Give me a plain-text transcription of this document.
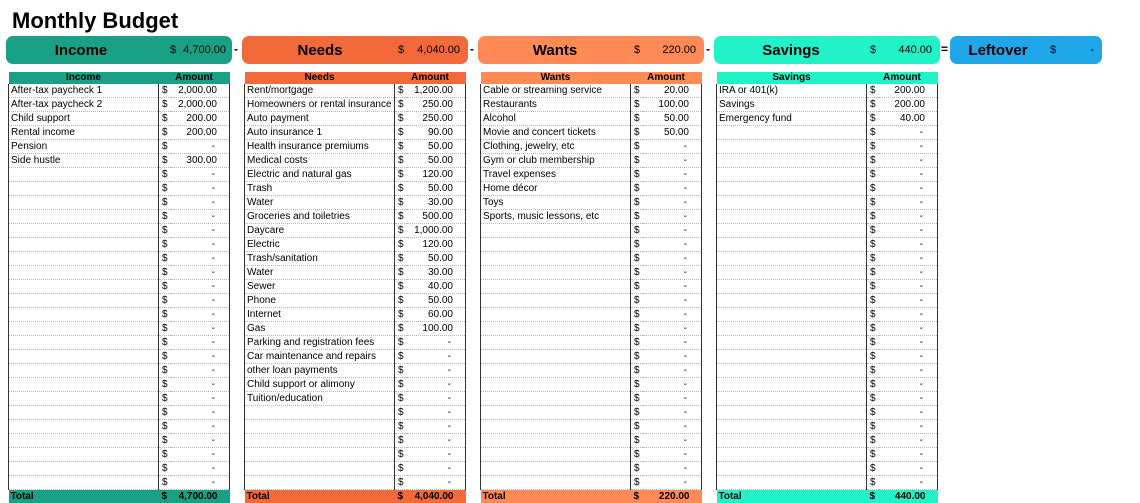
Monthly Budget
Income	$ 4,700.00 -	Needs	$ 4,040.00 -	Wants	$ 220.00 -	Savings	$ 440.00 =	Leftover	$	-
Income	Amount	
After-tax paycheck 1	$	2,000.00
After-tax paycheck 2	$	2,000.00
Child support	$	200.00
Rental income	$	200.00
Pension	$	-
Side hustle	$	300.00
	$	-
	$	-
	$	-
	$	-
	$	-
	$	-
	$	-
	$	-
	$	-
	$	-
	$	-
	$	-
	$	-
	$	-
	$	-
	$	-
	$	-
	$	-
	$	-
	$	-
	$	-
	$	-
	$	-
Total	$	4,700.00
Needs	Amount	
Rent/mortgage	$	1,200.00
Homeowners or rental insurance	$	250.00
Auto payment	$	250.00
Auto insurance 1	$	90.00
Health insurance premiums	$	50.00
Medical costs	$	50.00
Electric and natural gas	$	120.00
Trash	$	50.00
Water	$	30.00
Groceries and toiletries	$	500.00
Daycare	$	1,000.00
Electric	$	120.00
Trash/sanitation	$	50.00
Water	$	30.00
Sewer	$	40.00
Phone	$	50.00
Internet	$	60.00
Gas	$	100.00
Parking and registration fees	$	-
Car maintenance and repairs	$	-
other loan payments	$	-
Child support or alimony	$	-
Tuition/education	$	-
	$	-
	$	-
	$	-
	$	-
	$	-
	$	-
Total	$	4,040.00
Wants	Amount	
Cable or streaming service	$	20.00
Restaurants	$	100.00
Alcohol	$	50.00
Movie and concert tickets	$	50.00
Clothing, jewelry, etc	$	-
Gym or club membership	$	-
Travel expenses	$	-
Home décor	$	-
Toys	$	-
Sports, music lessons, etc	$	-
	$	-
	$	-
	$	-
	$	-
	$	-
	$	-
	$	-
	$	-
	$	-
	$	-
	$	-
	$	-
	$	-
	$	-
	$	-
	$	-
	$	-
	$	-
	$	-
Total	$	220.00
Savings	Amount	
IRA or 401(k)	$	200.00
Savings	$	200.00
Emergency fund	$	40.00
	$	-
	$	-
	$	-
	$	-
	$	-
	$	-
	$	-
	$	-
	$	-
	$	-
	$	-
	$	-
	$	-
	$	-
	$	-
	$	-
	$	-
	$	-
	$	-
	$	-
	$	-
	$	-
	$	-
	$	-
	$	-
	$	-
Total	$	440.00
